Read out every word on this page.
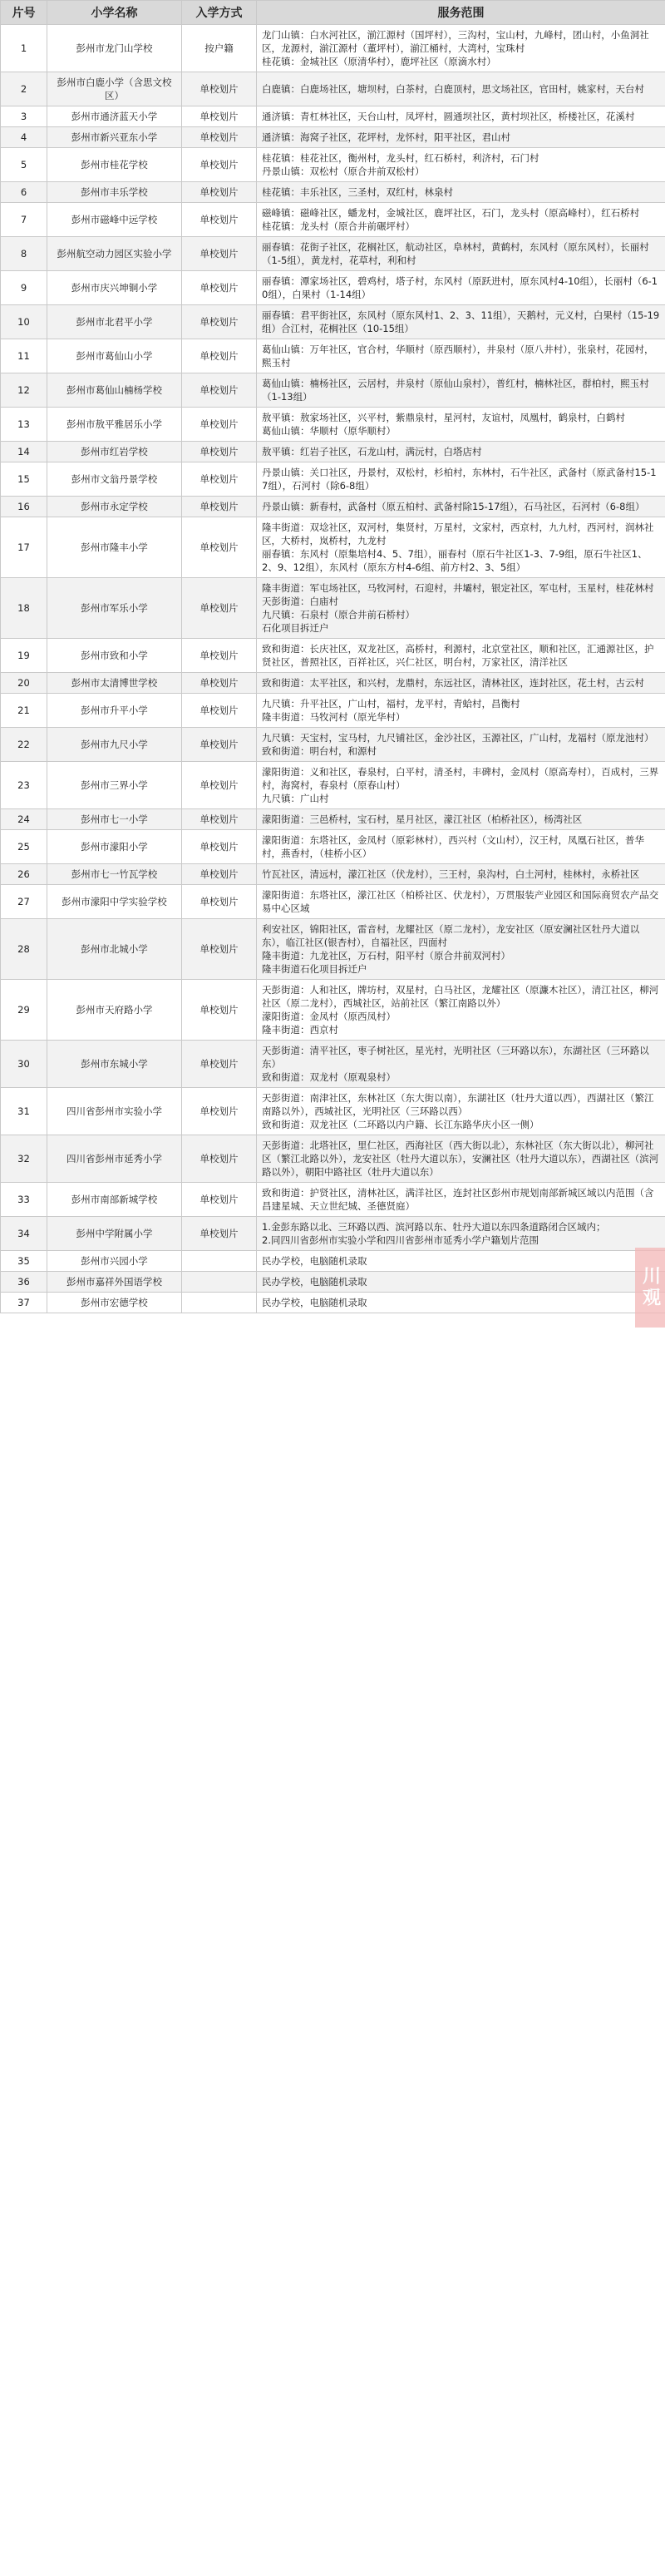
片号	小学名称	入学方式	服务范围
1	彭州市龙门山学校	按户籍	龙门山镇：白水河社区，湔江源村（国坪村），三沟村，宝山村，九峰村，团山村，小鱼洞社区，龙源村，湔江源村（董坪村），湔江桶村，大湾村，宝珠村
桂花镇：金城社区（原清华村），鹿坪社区（原滴水村）
2	彭州市白鹿小学（含思文校区）	单校划片	白鹿镇：白鹿场社区，塘坝村，白茶村，白鹿顶村，思文场社区，官田村，姚家村，天台村
3	彭州市通济蓝天小学	单校划片	通济镇：青杠林社区，天台山村，凤坪村，圆通坝社区，黄村坝社区，桥楼社区，花溪村
4	彭州市新兴亚东小学	单校划片	通济镇：海窝子社区，花坪村，龙怀村，阳平社区，君山村
5	彭州市桂花学校	单校划片	桂花镇：桂花社区，衡州村，龙头村，红石桥村，利济村，石门村
丹景山镇：双松村（原合井前双松村）
6	彭州市丰乐学校	单校划片	桂花镇：丰乐社区，三圣村，双红村，林泉村
7	彭州市磁峰中远学校	单校划片	磁峰镇：磁峰社区，蟠龙村，金城社区，鹿坪社区，石门，龙头村（原高峰村），红石桥村
桂花镇：龙头村（原合井前碾坪村）
8	彭州航空动力园区实验小学	单校划片	丽春镇：花街子社区，花榈社区，航动社区，阜林村，黄鹤村，东风村（原东风村），长丽村（1-5组），黄龙村，花草村，利和村
9	彭州市庆兴坤铜小学	单校划片	丽春镇：潭家场社区，碧鸡村，塔子村，东风村（原跃进村，原东风村4-10组），长丽村（6-10组），白果村（1-14组）
10	彭州市北君平小学	单校划片	丽春镇：君平街社区，东风村（原东风村1、2、3、11组），天鹅村，元义村，白果村（15-19组）合江村，花榈社区（10-15组）
11	彭州市葛仙山小学	单校划片	葛仙山镇：万年社区，官合村，华顺村（原西顺村），井泉村（原八井村），张泉村，花园村，熙玉村
12	彭州市葛仙山楠杨学校	单校划片	葛仙山镇：楠杨社区，云居村，井泉村（原仙山泉村），普红村，楠林社区，群柏村，熙玉村（1-13组）
13	彭州市敖平雅居乐小学	单校划片	敖平镇：敖家场社区，兴平村，紫鼎泉村，星河村，友谊村，凤凰村，鹤泉村，白鹤村
葛仙山镇：华顺村（原华顺村）
14	彭州市红岩学校	单校划片	敖平镇：红岩子社区，石龙山村，满沅村，白塔店村
15	彭州市文翁丹景学校	单校划片	丹景山镇：关口社区，丹景村，双松村，杉柏村，东林村，石牛社区，武备村（原武备村15-17组），石河村（除6-8组）
16	彭州市永定学校	单校划片	丹景山镇：新春村，武备村（原五柏村、武备村除15-17组），石马社区，石河村（6-8组）
17	彭州市隆丰小学	单校划片	隆丰街道：双埝社区，双河村，集贤村，万星村，文家村，西京村，九九村，西河村，润林社区，大桥村，岚桥村，九龙村
丽春镇：东风村（原集培村4、5、7组），丽春村（原石牛社区1-3、7-9组，原石牛社区1、2、9、12组），东风村（原东方村4-6组、前方村2、3、5组）
18	彭州市军乐小学	单校划片	隆丰街道：军屯场社区，马牧河村，石迎村，井壩村，银定社区，军屯村，玉星村，桂花林村
天彭街道：白庙村
九尺镇：石泉村（原合井前石桥村）
石化项目拆迁户
19	彭州市致和小学	单校划片	致和街道：长庆社区，双龙社区，高桥村，利源村，北京堂社区，顺和社区，汇通源社区，护贤社区，普照社区，百祥社区，兴仁社区，明台村，万家社区，清洋社区
20	彭州市太清博世学校	单校划片	致和街道：太平社区，和兴村，龙鼎村，东远社区，清林社区，连封社区，花土村，古云村
21	彭州市升平小学	单校划片	九尺镇：升平社区，广山村，福村，龙平村，青蛤村，昌衡村
隆丰街道：马牧河村（原光华村）
22	彭州市九尺小学	单校划片	九尺镇：天宝村，宝马村，九尺铺社区，金沙社区，玉源社区，广山村，龙福村（原龙池村）
致和街道：明台村，和源村
23	彭州市三界小学	单校划片	濛阳街道：义和社区，春泉村，白平村，清圣村，丰碑村，金凤村（原高寿村），百成村，三界村，海窝村，春泉村（原春山村）
九尺镇：广山村
24	彭州市七一小学	单校划片	濛阳街道：三邑桥村，宝石村，星月社区，濛江社区（柏桥社区），杨湾社区
25	彭州市濛阳小学	单校划片	濛阳街道：东塔社区，金凤村（原彩林村），西兴村（文山村），汉王村，凤凰石社区，普华村，燕香村，（桂桥小区）
26	彭州市七一竹瓦学校	单校划片	竹瓦社区，清远村，濛江社区（伏龙村），三王村，泉沟村，白土河村，桂林村，永桥社区
27	彭州市濛阳中学实验学校	单校划片	濛阳街道：东塔社区，濛江社区（柏桥社区、伏龙村），万贯服装产业园区和国际商贸农产品交易中心区域
28	彭州市北城小学	单校划片	利安社区，锦阳社区，雷音村，龙耀社区（原二龙村），龙安社区（原安澜社区牡丹大道以东），临江社区(银杏村），自福社区，四面村
隆丰街道：九龙社区，万石村，阳平村（原合井前双河村）
隆丰街道石化项目拆迁户
29	彭州市天府路小学	单校划片	天彭街道：人和社区，牌坊村，双星村，白马社区，龙耀社区（原濂木社区），清江社区，柳河社区（原二龙村），西城社区，站前社区（繁江南路以外）
濛阳街道：金凤村（原西凤村）
隆丰街道：西京村
30	彭州市东城小学	单校划片	天彭街道：清平社区，枣子树社区，星光村，光明社区（三环路以东），东湖社区（三环路以东）
致和街道：双龙村（原观泉村）
31	四川省彭州市实验小学	单校划片	天彭街道：南津社区，东林社区（东大街以南），东湖社区（牡丹大道以西），西湖社区（繁江南路以外），西城社区，光明社区（三环路以西）
致和街道：双龙社区（二环路以内户籍、长江东路华庆小区一侧）
32	四川省彭州市延秀小学	单校划片	天彭街道：北塔社区，里仁社区，西海社区（西大街以北），东林社区（东大街以北），柳河社区（繁江北路以外），龙安社区（牡丹大道以东），安澜社区（牡丹大道以东），西湖社区（滨河路以外），朝阳中路社区（牡丹大道以东）
33	彭州市南部新城学校	单校划片	致和街道：护贤社区，清林社区，满洋社区，连封社区彭州市规划南部新城区域以内范围（含昌建星城、天立世纪城、圣德贤庭）
34	彭州中学附属小学	单校划片	1.金彭东路以北、三环路以西、滨河路以东、牡丹大道以东四条道路闭合区域内；
2.同四川省彭州市实验小学和四川省彭州市延秀小学户籍划片范围
35	彭州市兴园小学		民办学校，电脑随机录取
36	彭州市嘉祥外国语学校		民办学校，电脑随机录取
37	彭州市宏德学校		民办学校，电脑随机录取	川观
